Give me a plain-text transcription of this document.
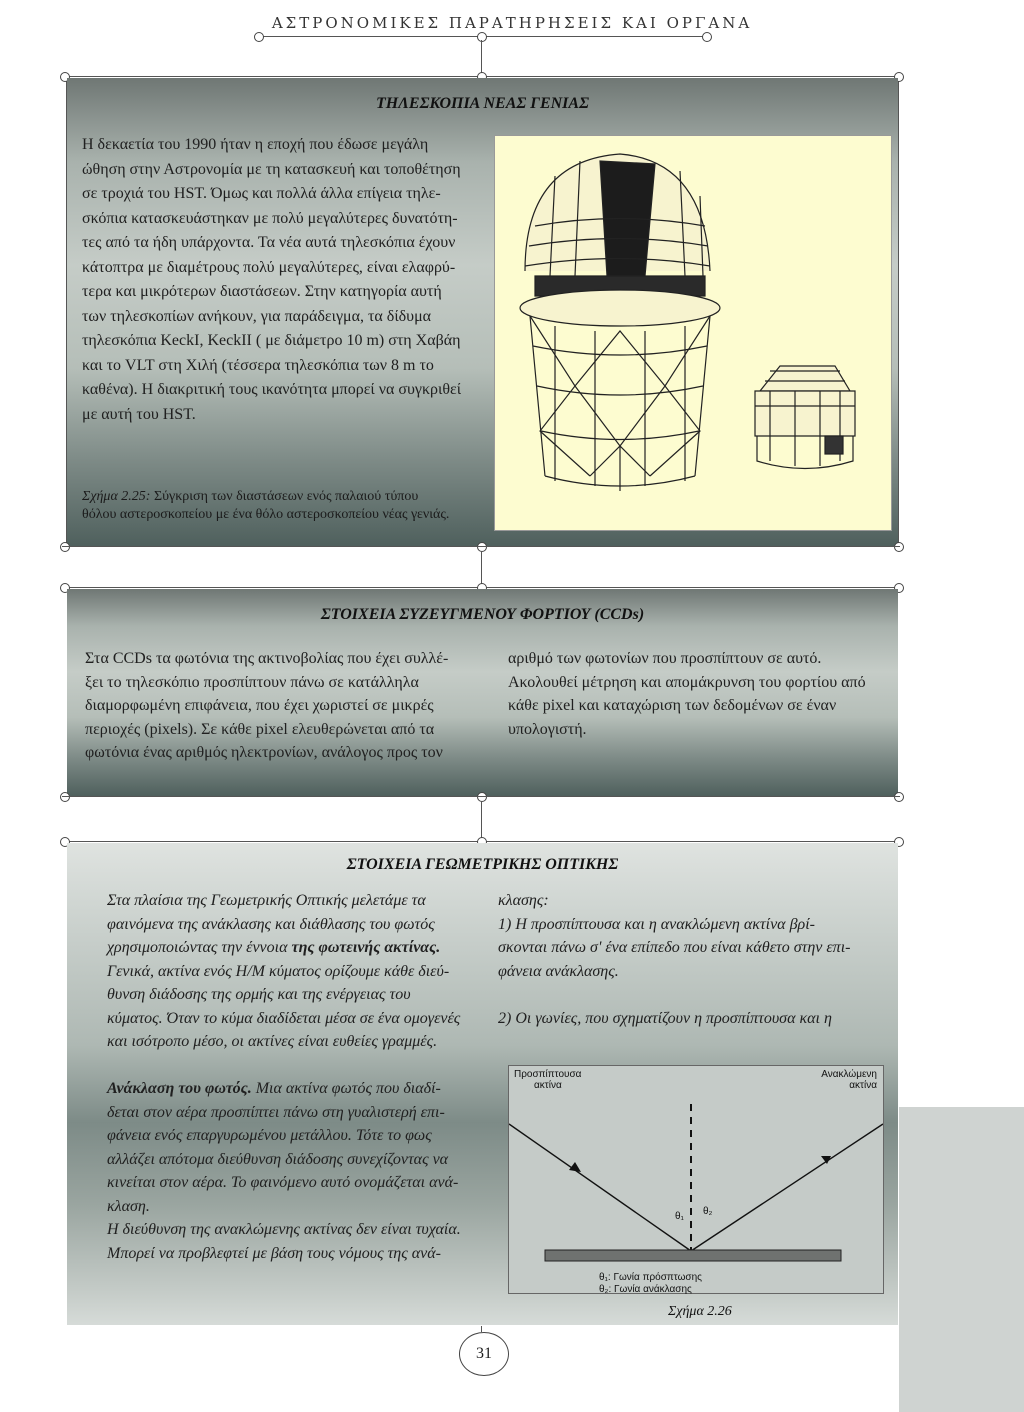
ΑΣΤΡΟΝΟΜΙΚΕΣ ΠΑΡΑΤΗΡΗΣΕΙΣ ΚΑΙ ΟΡΓΑΝΑ
ΤΗΛΕΣΚΟΠΙΑ ΝΕΑΣ ΓΕΝΙΑΣ

Η δεκαετία του 1990 ήταν η εποχή που έδωσε μεγάλη

ώθηση στην Αστρονομία με τη κατασκευή και τοποθέτηση

σε τροχιά του HST. Όμως και πολλά άλλα επίγεια τηλε-

σκόπια κατασκευάστηκαν με πολύ μεγαλύτερες δυνατότη-

τες από τα ήδη υπάρχοντα. Τα νέα αυτά τηλεσκόπια έχουν

κάτοπτρα με διαμέτρους πολύ μεγαλύτερες, είναι ελαφρύ-

τερα και μικρότερων διαστάσεων. Στην κατηγορία αυτή

των τηλεσκοπίων ανήκουν, για παράδειγμα, τα δίδυμα

τηλεσκόπια KeckI, KeckII ( με διάμετρο 10 m) στη Χαβάη

και το VLT στη Χιλή (τέσσερα τηλεσκόπια των 8 m το

καθένα). Η διακριτική τους ικανότητα μπορεί να συγκριθεί

με αυτή του HST.

Σχήμα 2.25: Σύγκριση των διαστάσεων ενός παλαιού τύπου
θόλου αστεροσκοπείου με ένα θόλο αστεροσκοπείου νέας γενιάς.
ΣΤΟΙΧΕΙΑ ΣΥΖΕΥΓΜΕΝΟΥ ΦΟΡΤΙΟΥ (CCDs)

Στα CCDs τα φωτόνια της ακτινοβολίας που έχει συλλέ-

ξει το τηλεσκόπιο προσπίπτουν πάνω σε κατάλληλα

διαμορφωμένη επιφάνεια, που έχει χωριστεί σε μικρές

περιοχές (pixels). Σε κάθε pixel ελευθερώνεται από τα

φωτόνια ένας αριθμός ηλεκτρονίων, ανάλογος προς τον

αριθμό των φωτονίων που προσπίπτουν σε αυτό.

Ακολουθεί μέτρηση και απομάκρυνση του φορτίου από

κάθε pixel και καταχώριση των δεδομένων σε έναν

υπολογιστή.

ΣΤΟΙΧΕΙΑ ΓΕΩΜΕΤΡΙΚΗΣ ΟΠΤΙΚΗΣ

Στα πλαίσια της Γεωμετρικής Οπτικής μελετάμε τα

φαινόμενα της ανάκλασης και διάθλασης του φωτός

χρησιμοποιώντας την έννοια της φωτεινής ακτίνας.

Γενικά, ακτίνα ενός Η/Μ κύματος ορίζουμε κάθε διεύ-

θυνση διάδοσης της ορμής και της ενέργειας του

κύματος. Όταν το κύμα διαδίδεται μέσα σε ένα ομογενές

και ισότροπο μέσο, οι ακτίνες είναι ευθείες γραμμές.

Ανάκλαση του φωτός. Μια ακτίνα φωτός που διαδί-

δεται στον αέρα προσπίπτει πάνω στη γυαλιστερή επι-

φάνεια ενός επαργυρωμένου μετάλλου. Τότε το φως

αλλάζει απότομα διεύθυνση διάδοσης συνεχίζοντας να

κινείται στον αέρα. Το φαινόμενο αυτό ονομάζεται ανά-

κλαση.

Η διεύθυνση της ανακλώμενης ακτίνας δεν είναι τυχαία.

Μπορεί να προβλεφτεί με βάση τους νόμους της ανά-

κλασης:

1) Η προσπίπτουσα και η ανακλώμενη ακτίνα βρί-

σκονται πάνω σ' ένα επίπεδο που είναι κάθετο στην επι-

φάνεια ανάκλασης.

2) Οι γωνίες, που σχηματίζουν η προσπίπτουσα και η

Προσπίπτουσα
ακτίνα
Ανακλώμενη
ακτίνα
θ₁ θ₂
θ₁: Γωνία πρόσπτωσης
θ₂: Γωνία ανάκλασης
Σχήμα 2.26
31
